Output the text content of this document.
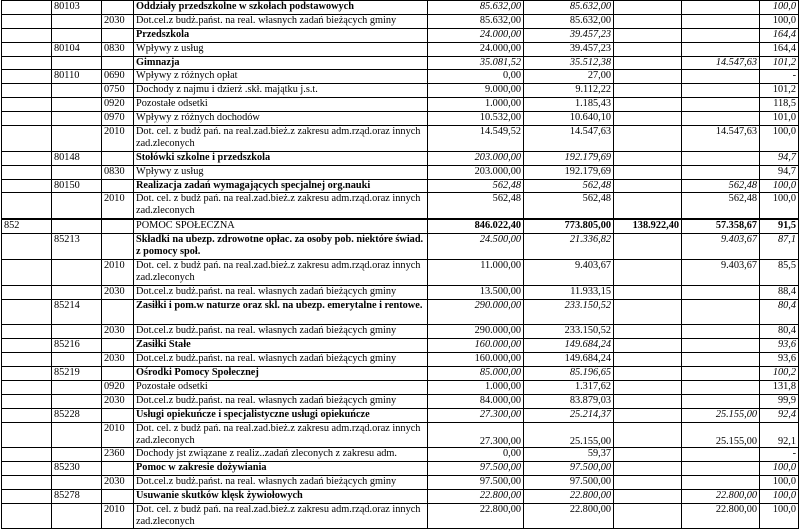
	80103		Oddziały przedszkolne w szkołach podstawowych	85.632,00	85.632,00			100,0
		2030	Dot.cel.z budż.państ. na real. własnych zadań bieżących gminy	85.632,00	85.632,00			100,0
			Przedszkola	24.000,00	39.457,23			164,4
	80104	0830	Wpływy z usług	24.000,00	39.457,23			164,4
			Gimnazja	35.081,52	35.512,38		14.547,63	101,2
	80110	0690	Wpływy z różnych opłat	0,00	27,00			-
		0750	Dochody z najmu i dzierż .skł. majątku j.s.t.	9.000,00	9.112,22			101,2
		0920	Pozostałe odsetki	1.000,00	1.185,43			118,5
		0970	Wpływy z różnych dochodów	10.532,00	10.640,10			101,0
		2010	Dot. cel. z budż pań. na real.zad.bież.z zakresu adm.rząd.oraz innych zad.zleconych	14.549,52	14.547,63		14.547,63	100,0
	80148		Stołówki szkolne i przedszkola	203.000,00	192.179,69			94,7
		0830	Wpływy z usług	203.000,00	192.179,69			94,7
	80150		Realizacja zadań wymagających specjalnej org.nauki	562,48	562,48		562,48	100,0
		2010	Dot. cel. z budż pań. na real.zad.bież.z zakresu adm.rząd.oraz innych zad.zleconych	562,48	562,48		562,48	100,0
852			POMOC SPOŁECZNA	846.022,40	773.805,00	138.922,40	57.358,67	91,5
	85213		Składki na ubezp. zdrowotne opłac. za osoby pob. niektóre świad. z pomocy społ.	24.500,00	21.336,82		9.403,67	87,1
		2010	Dot. cel. z budż pań. na real.zad.bież.z zakresu adm.rząd.oraz innych zad.zleconych	11.000,00	9.403,67		9.403,67	85,5
		2030	Dot.cel.z budż.państ. na real. własnych zadań bieżących gminy	13.500,00	11.933,15			88,4
	85214		Zasiłki i pom.w naturze oraz skl. na ubezp. emerytalne i rentowe.	290.000,00	233.150,52			80,4
		2030	Dot.cel.z budż.państ. na real. własnych zadań bieżących gminy	290.000,00	233.150,52			80,4
	85216		Zasiłki Stałe	160.000,00	149.684,24			93,6
		2030	Dot.cel.z budż.państ. na real. własnych zadań bieżących gminy	160.000,00	149.684,24			93,6
	85219		Ośrodki Pomocy Społecznej	85.000,00	85.196,65			100,2
		0920	Pozostałe odsetki	1.000,00	1.317,62			131,8
		2030	Dot.cel.z budż.państ. na real. własnych zadań bieżących gminy	84.000,00	83.879,03			99,9
	85228		Usługi opiekuńcze i specjalistyczne usługi opiekuńcze	27.300,00	25.214,37		25.155,00	92,4
		2010	Dot. cel. z budż pań. na real.zad.bież.z zakresu adm.rząd.oraz innych zad.zleconych	27.300,00	25.155,00		25.155,00	92,1
		2360	Dochody jst związane z realiz..zadań zleconych z zakresu adm.	0,00	59,37			-
	85230		Pomoc w zakresie dożywiania	97.500,00	97.500,00			100,0
		2030	Dot.cel.z budż.państ. na real. własnych zadań bieżących gminy	97.500,00	97.500,00			100,0
	85278		Usuwanie skutków klęsk żywiołowych	22.800,00	22.800,00		22.800,00	100,0
		2010	Dot. cel. z budż pań. na real.zad.bież.z zakresu adm.rząd.oraz innych zad.zleconych	22.800,00	22.800,00		22.800,00	100,0
